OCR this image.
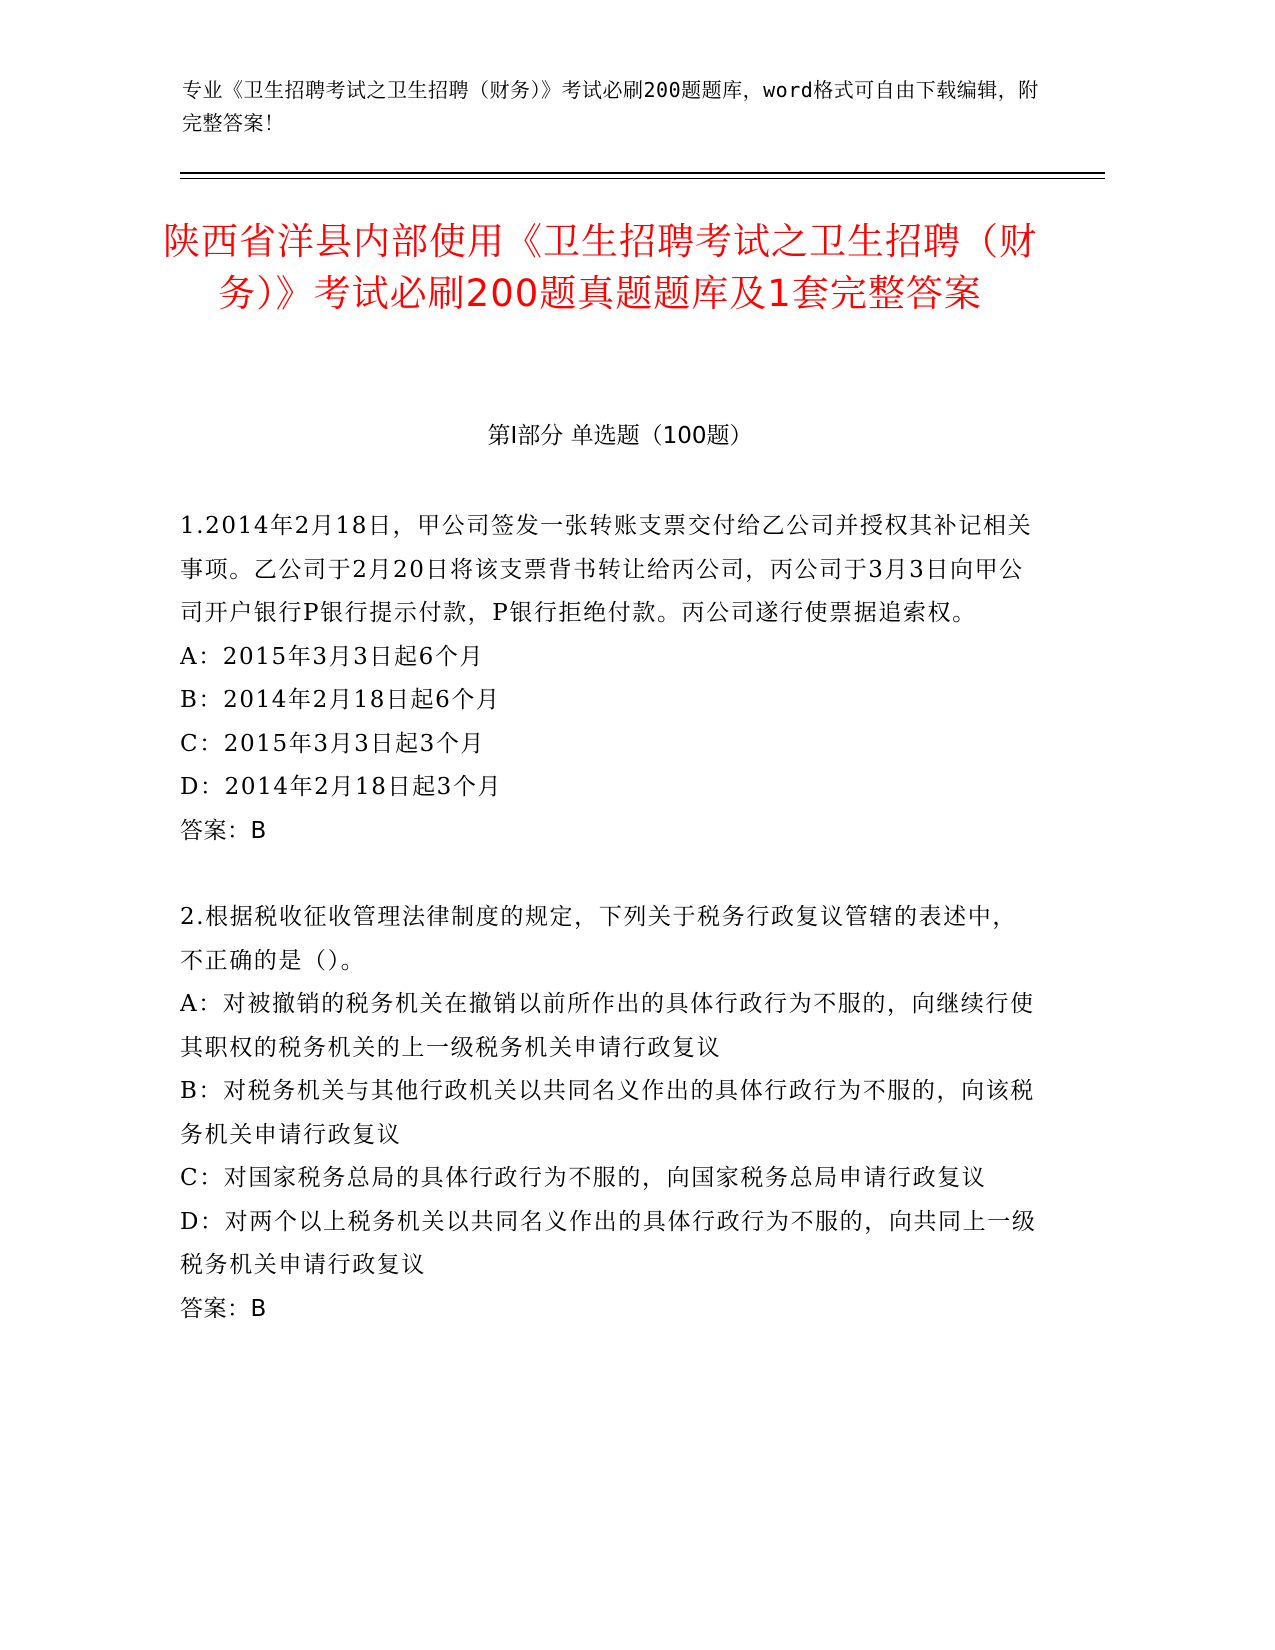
专业《卫生招聘考试之卫生招聘（财务）》考试必刷200题题库，word格式可自由下载编辑，附完整答案！
陕西省洋县内部使用《卫生招聘考试之卫生招聘（财务）》考试必刷200题真题题库及1套完整答案
第I部分 单选题（100题）

1.2014年2月18日，甲公司签发一张转账支票交付给乙公司并授权其补记相关事项。乙公司于2月20日将该支票背书转让给丙公司，丙公司于3月3日向甲公司开户银行P银行提示付款，P银行拒绝付款。丙公司遂行使票据追索权。

A：2015年3月3日起6个月

B：2014年2月18日起6个月

C：2015年3月3日起3个月

D：2014年2月18日起3个月

答案：B

2.根据税收征收管理法律制度的规定，下列关于税务行政复议管辖的表述中，不正确的是（）。

A：对被撤销的税务机关在撤销以前所作出的具体行政行为不服的，向继续行使其职权的税务机关的上一级税务机关申请行政复议

B：对税务机关与其他行政机关以共同名义作出的具体行政行为不服的，向该税务机关申请行政复议

C：对国家税务总局的具体行政行为不服的，向国家税务总局申请行政复议

D：对两个以上税务机关以共同名义作出的具体行政行为不服的，向共同上一级税务机关申请行政复议

答案：B
